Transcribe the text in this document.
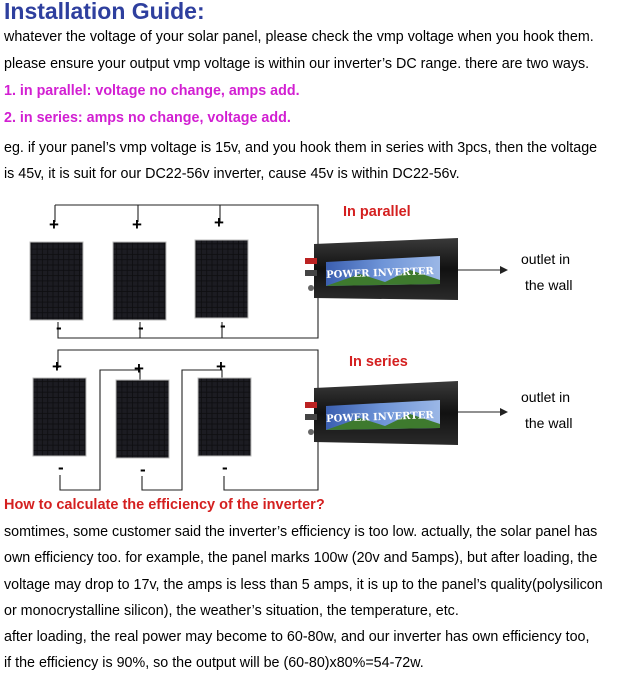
Installation Guide:
whatever the voltage of your solar panel, please check the vmp voltage when you hook them.
please ensure your output vmp voltage is within our inverter’s DC range. there are two ways.
1. in parallel: voltage no change, amps add.
2. in series: amps no change, voltage add.
eg. if your panel’s vmp voltage is 15v, and you hook them in series with 3pcs, then the voltage
is 45v, it is suit for our DC22-56v inverter, cause 45v is within DC22-56v.
POWER INVERTER
POWER INVERTER
In parallel
In series
+	+	+
-	-	-
+	+	+
-	-	-
outlet in
the wall
outlet in
the wall
How to calculate the efficiency of the inverter?
somtimes, some customer said the inverter’s efficiency is too low. actually, the solar panel has
own efficiency too. for example, the panel marks 100w (20v and 5amps), but after loading, the
voltage may drop to 17v, the amps is less than 5 amps, it is up to the panel’s quality(polysilicon
or monocrystalline silicon), the weather’s situation, the temperature, etc.
after loading, the real power may become to 60-80w, and our inverter has own efficiency too,
if the efficiency is 90%, so the output will be (60-80)x80%=54-72w.
